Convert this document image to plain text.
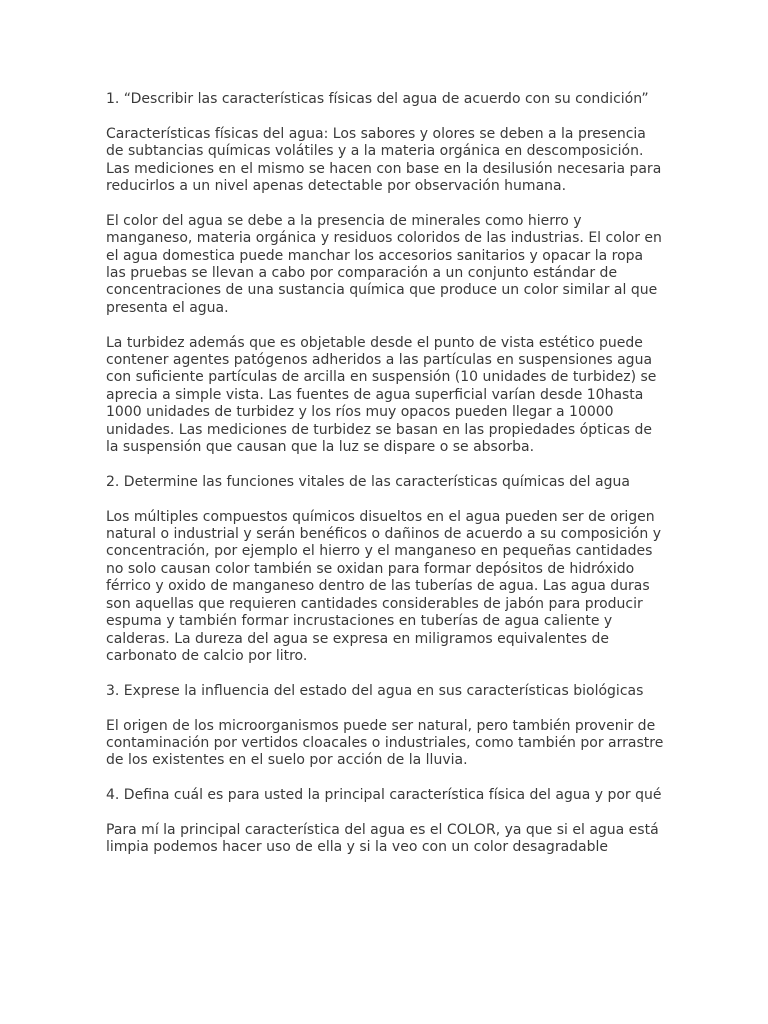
1. “Describir las características físicas del agua de acuerdo con su condición”

Características físicas del agua: Los sabores y olores se deben a la presencia de subtancias químicas volátiles y a la materia orgánica en descomposición. Las mediciones en el mismo se hacen con base en la desilusión necesaria para reducirlos a un nivel apenas detectable por observación humana.

El color del agua se debe a la presencia de minerales como hierro y manganeso, materia orgánica y residuos coloridos de las industrias. El color en el agua domestica puede manchar los accesorios sanitarios y opacar la ropa las pruebas se llevan a cabo por comparación a un conjunto estándar de concentraciones de una sustancia química que produce un color similar al que presenta el agua.

La turbidez además que es objetable desde el punto de vista estético puede contener agentes patógenos adheridos a las partículas en suspensiones agua con suficiente partículas de arcilla en suspensión (10 unidades de turbidez) se aprecia a simple vista. Las fuentes de agua superficial varían desde 10hasta 1000 unidades de turbidez y los ríos muy opacos pueden llegar a 10000 unidades. Las mediciones de turbidez se basan en las propiedades ópticas de la suspensión que causan que la luz se dispare o se absorba.

2. Determine las funciones vitales de las características químicas del agua

Los múltiples compuestos químicos disueltos en el agua pueden ser de origen natural o industrial y serán benéficos o dañinos de acuerdo a su composición y concentración, por ejemplo el hierro y el manganeso en pequeñas cantidades no solo causan color también se oxidan para formar depósitos de hidróxido férrico y oxido de manganeso dentro de las tuberías de agua. Las agua duras son aquellas que requieren cantidades considerables de jabón para producir espuma y también formar incrustaciones en tuberías de agua caliente y calderas. La dureza del agua se expresa en miligramos equivalentes de carbonato de calcio por litro.

3. Exprese la influencia del estado del agua en sus características biológicas

El origen de los microorganismos puede ser natural, pero también provenir de contaminación por vertidos cloacales o industriales, como también por arrastre de los existentes en el suelo por acción de la lluvia.

4. Defina cuál es para usted la principal característica física del agua y por qué

Para mí la principal característica del agua es el COLOR, ya que si el agua está limpia podemos hacer uso de ella y si la veo con un color desagradable
